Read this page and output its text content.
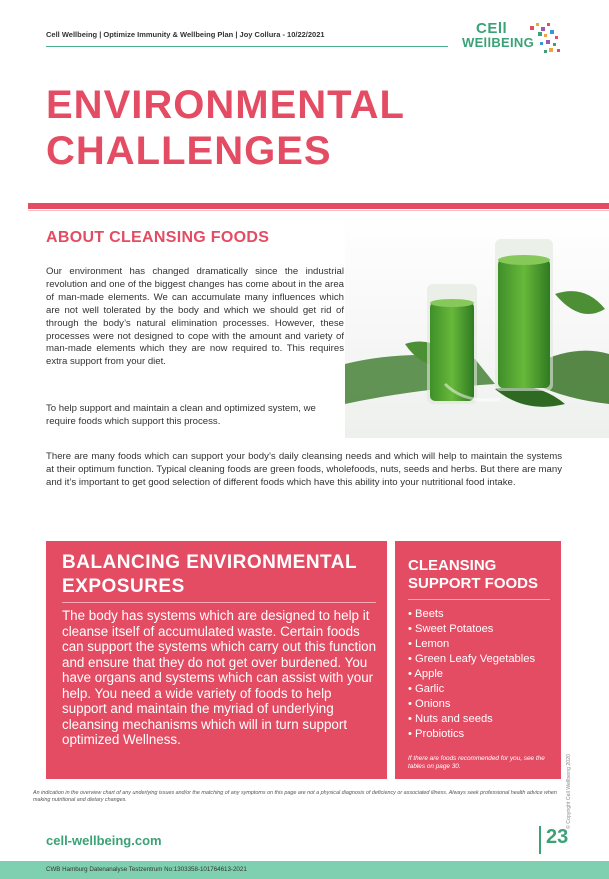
Cell Wellbeing | Optimize Immunity & Wellbeing Plan | Joy Collura - 10/22/2021	CEll
WEllBEING
ENVIRONMENTAL
CHALLENGES
ABOUT CLEANSING FOODS

Our environment has changed dramatically since the industrial revolution and one of the biggest changes has come about in the area of man-made elements. We can accumulate many influences which are not well tolerated by the body and which we should get rid of through the body’s natural elimination processes. However, these processes were not designed to cope with the amount and variety of man-made elements which they are now required to. This requires extra support from your diet.

To help support and maintain a clean and optimized system, we require foods which support this process.

There are many foods which can support your body’s daily cleansing needs and which will help to maintain the systems at their optimum function. Typical cleaning foods are green foods, wholefoods, nuts, seeds and herbs. But there are many and it’s important to get good selection of different foods which have this ability into your nutritional food intake.

BALANCING ENVIRONMENTAL EXPOSURES

The body has systems which are designed to help it cleanse itself of accumulated waste. Certain foods can support the systems which carry out this function and ensure that they do not get over burdened. You have organs and systems which can assist with your help. You need a wide variety of foods to help support and maintain the myriad of underlying cleansing mechanisms which will in turn support optimized Wellness.

CLEANSING SUPPORT FOODS
• Beets
• Sweet Potatoes
• Lemon
• Green Leafy Vegetables
• Apple
• Garlic
• Onions
• Nuts and seeds
• Probiotics

If there are foods recommended for you, see the tables on page 30.	© Copyright Cell Wellbeing 2020

An indication in the overview chart of any underlying issues and/or the matching of any symptoms on this page are not a physical diagnosis of deficiency or associated illness. Always seek professional health advice when making nutritional and dietary changes.

cell-wellbeing.com	23
CWB Hamburg Datenanalyse Testzentrum No:1303358-101764613-2021
